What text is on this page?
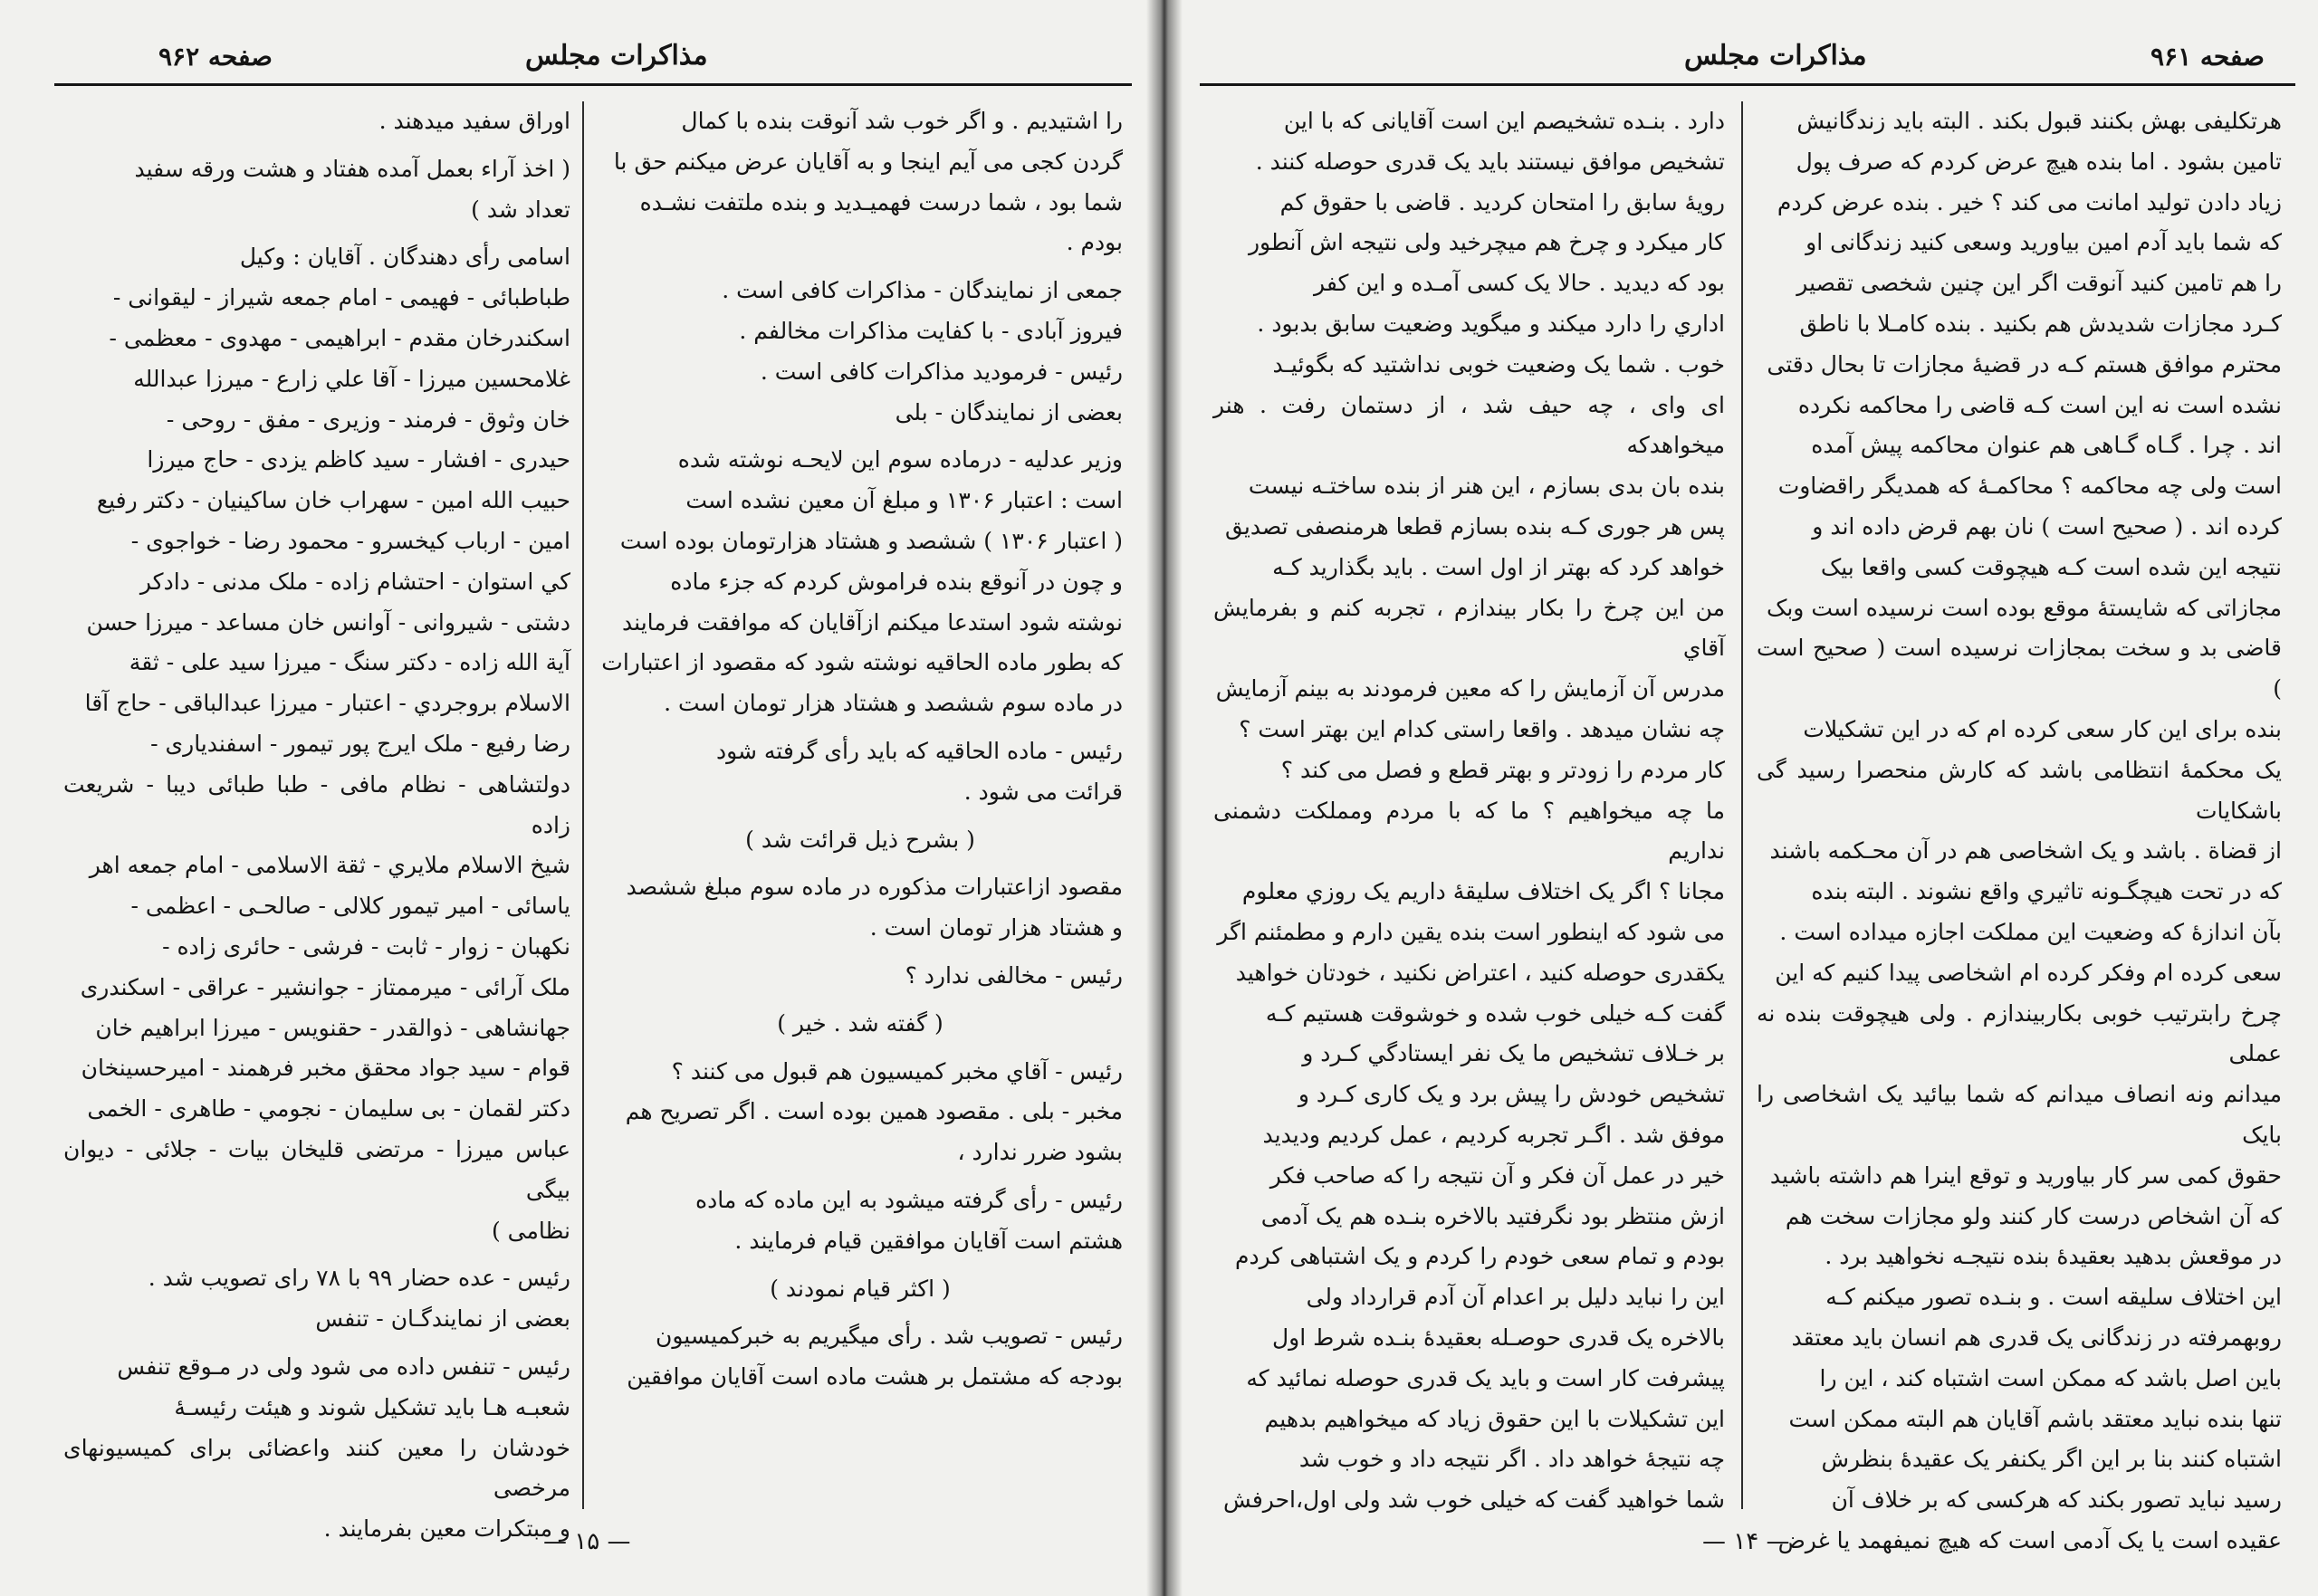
مذاکرات مجلس
صفحه ۹۶۲

را اشتیدیم . و اگر خوب شد آنوقت بنده با کمال
گردن کجی می آیم اینجا و به آقایان عرض میکنم حق با
شما بود ، شما درست فهمیـدید و بنده ملتفت نشـده
بودم .

جمعی از نمایندگان - مذاکرات کافی است .
فیروز آبادی - با کفایت مذاکرات مخالفم .
رئیس - فرمودید مذاکرات کافی است .
بعضی از نمایندگان - بلی

وزیر عدلیه - درماده سوم این لایحـه نوشته شده
است : اعتبار ۱۳۰۶ و مبلغ آن معین نشده است
( اعتبار ۱۳۰۶ ) ششصد و هشتاد هزارتومان بوده است
و چون در آنوقع بنده فراموش کردم که جزء ماده
نوشته شود استدعا میکنم ازآقایان که موافقت فرمایند
که بطور ماده الحاقیه نوشته شود که مقصود از اعتبارات
در ماده سوم ششصد و هشتاد هزار تومان است .

رئیس - ماده الحاقیه که باید رأی گرفته شود
قرائت می شود .

( بشرح ذیل قرائت شد )

مقصود ازاعتبارات مذکوره در ماده سوم مبلغ ششصد
و هشتاد هزار تومان است .

رئیس - مخالفی ندارد ؟

( گفته شد . خیر )

رئیس - آقاي مخبر کمیسیون هم قبول می کنند ؟
مخبر - بلی . مقصود همین بوده است . اگر تصریح هم
بشود ضرر ندارد ،

رئیس - رأی گرفته میشود به این ماده که ماده
هشتم است آقایان موافقین قیام فرمایند .

( اکثر قیام نمودند )

رئیس - تصویب شد . رأی میگیریم به خبرکمیسیون
بودجه که مشتمل بر هشت ماده است آقایان موافقین

اوراق سفید میدهند .

( اخذ آراء بعمل آمده هفتاد و هشت ورقه سفید
تعداد شد )

اسامی رأی دهندگان . آقایان : وکیل
طباطبائی - فهیمی - امام جمعه شیراز - لیقوانی -
اسکندرخان مقدم - ابراهیمی - مهدوی - معظمی -
غلامحسین میرزا - آقا علي زارع - میرزا عبدالله
خان وثوق - فرمند - وزیری - مفق - روحی -
حیدری - افشار - سید کاظم یزدی - حاج میرزا
حبیب الله امین - سهراب خان ساکینیان - دکتر رفیع
امین - ارباب کیخسرو - محمود رضا - خواجوی -
کي استوان - احتشام زاده - ملک مدنی - دادکر
دشتی - شیروانی - آوانس خان مساعد - میرزا حسن
آیة الله زاده - دکتر سنگ - میرزا سید علی - ثقة
الاسلام بروجردي - اعتبار - میرزا عبدالباقی - حاج آقا
رضا رفیع - ملک ایرج پور تیمور - اسفندیاری -
دولتشاهی - نظام مافی - طبا طبائی دیبا - شریعت زاده
شیخ الاسلام ملایري - ثقة الاسلامی - امام جمعه اهر
یاسائی - امیر تیمور کلالی - صالحـی - اعظمی -
نکهبان - زوار - ثابت - فرشی - حائری زاده -
ملک آرائی - میرممتاز - جوانشیر - عراقی - اسکندری
جهانشاهی - ذوالقدر - حقنویس - میرزا ابراهیم خان
قوام - سید جواد محقق مخبر فرهمند - امیرحسینخان
دکتر لقمان - بی سلیمان - نجومي - طاهری - الخمی
عباس میرزا - مرتضی قلیخان بیات - جلائی - دیوان بیگی
نظامی )

رئیس - عده حضار ۹۹ با ۷۸ رای تصویب شد .
بعضی از نمایندگـان - تنفس

رئیس - تنفس داده می شود ولی در مـوقع تنفس
شعبـه هـا باید تشکیل شوند و هیئت رئیسـهٔ
خودشان را معین کنند واعضائی برای کمیسیونهای مرخصی
و مبتکرات معین بفرمایند .	— ۱۵ —
مذاکرات مجلس	صفحه ۹۶۱

هرتکلیفی بهش بکنند قبول بکند . البته باید زندگانیش
تامین بشود . اما بنده هیچ عرض کردم که صرف پول
زیاد دادن تولید امانت می کند ؟ خیر . بنده عرض کردم
که شما باید آدم امین بیاورید وسعی کنید زندگانی او
را هم تامین کنید آنوقت اگر این چنین شخصی تقصیر
کـرد مجازات شدیدش هم بکنید . بنده کامـلا با ناطق
محترم موافق هستم کـه در قضیهٔ مجازات تا بحال دقتی
نشده است نه این است کـه قاضی را محاکمه نکرده
اند . چرا . گـاه گـاهی هم عنوان محاکمه پیش آمده
است ولی چه محاکمه ؟ محاکمـهٔ که همدیگر راقضاوت
کرده اند . ( صحیح است ) نان بهم قرض داده اند و
نتیجه این شده است کـه هیچوقت کسی واقعا بیک
مجازاتی که شایستهٔ موقع بوده است نرسیده است وبک
قاضی بد و سخت بمجازات نرسیده است ( صحیح است )
بنده برای این کار سعی کرده ام که در این تشکیلات
یک محکمهٔ انتظامی باشد که کارش منحصرا رسید گی باشکایات
از قضاة . باشد و یک اشخاصی هم در آن محـکمه باشند
که در تحت هیچگـونه تاثیري واقع نشوند . البته بنده
بآن اندازهٔ که وضعیت این مملکت اجازه میداده است .
سعی کرده ام وفکر کرده ام اشخاصی پیدا کنیم که این
چرخ رابترتیب خوبی بکاربیندازم . ولی هیچوقت بنده نه عملی
میدانم ونه انصاف میدانم که شما بیائید یک اشخاصی را بایک
حقوق کمی سر کار بیاورید و توقع اینرا هم داشته باشید
که آن اشخاص درست کار کنند ولو مجازات سخت هم
در موقعش بدهید بعقیدهٔ بنده نتیجـه نخواهید برد .
این اختلاف سلیقه است . و بنـده تصور میکنم کـه
روبهمرفته در زندگانی یک قدری هم انسان باید معتقد
باین اصل باشد که ممکن است اشتباه کند ، این را
تنها بنده نباید معتقد باشم آقایان هم البته ممکن است
اشتباه کنند بنا بر این اگر یکنفر یک عقیدهٔ بنظرش
رسید نباید تصور بکند که هرکسی که بر خلاف آن
عقیده است یا یک آدمی است که هیچ نمیفهمد یا غرض

دارد . بنـده تشخیصم این است آقایانی که با این
تشخیص موافق نیستند باید یک قدری حوصله کنند .
رویهٔ سابق را امتحان کردید . قاضی با حقوق کم
کار میکرد و چرخ هم میچرخید ولی نتیجه اش آنطور
بود که دیدید . حالا یک کسی آمـده و این کفر
اداري را دارد میکند و میگوید وضعیت سابق بدبود .
خوب . شما یک وضعیت خوبی نداشتید که بگوئیـد
ای وای ، چه حیف شد ، از دستمان رفت . هنر میخواهدکه
بنده بان بدی بسازم ، این هنر از بنده ساختـه نیست
پس هر جوری کـه بنده بسازم قطعا هرمنصفی تصدیق
خواهد کرد که بهتر از اول است . باید بگذارید کـه
من این چرخ را بکار بیندازم ، تجربه کنم و بفرمایش آقاي
مدرس آن آزمایش را که معین فرمودند به بینم آزمایش
چه نشان میدهد . واقعا راستی کدام این بهتر است ؟
کار مردم را زودتر و بهتر قطع و فصل می کند ؟
ما چه میخواهیم ؟ ما که با مردم ومملکت دشمنی نداریم
مجانا ؟ اگر یک اختلاف سلیقهٔ داریم یک روزي معلوم
می شود که اینطور است بنده یقین دارم و مطمئنم اگر
یکقدری حوصله کنید ، اعتراض نکنید ، خودتان خواهید
گفت کـه خیلی خوب شده و خوشوقت هستیم کـه
بر خـلاف تشخیص ما یک نفر ایستادگي کـرد و
تشخیص خودش را پیش برد و یک کاری کـرد و
موفق شد . اگـر تجربه کردیم ، عمل کردیم ودیدید
خیر در عمل آن فکر و آن نتیجه را که صاحب فکر
ازش منتظر بود نگرفتید بالاخره بنـده هم یک آدمی
بودم و تمام سعی خودم را کردم و یک اشتباهی کردم
این را نباید دلیل بر اعدام آن آدم قرارداد ولی
بالاخره یک قدری حوصـله بعقیدهٔ بنـده شرط اول
پیشرفت کار است و باید یک قدری حوصله نمائید که
این تشکیلات با این حقوق زیاد که میخواهیم بدهیم
چه نتیجهٔ خواهد داد . اگر نتیجه داد و خوب شد
شما خواهید گفت که خیلی خوب شد ولی اول،احرفش

— ۱۴ —
